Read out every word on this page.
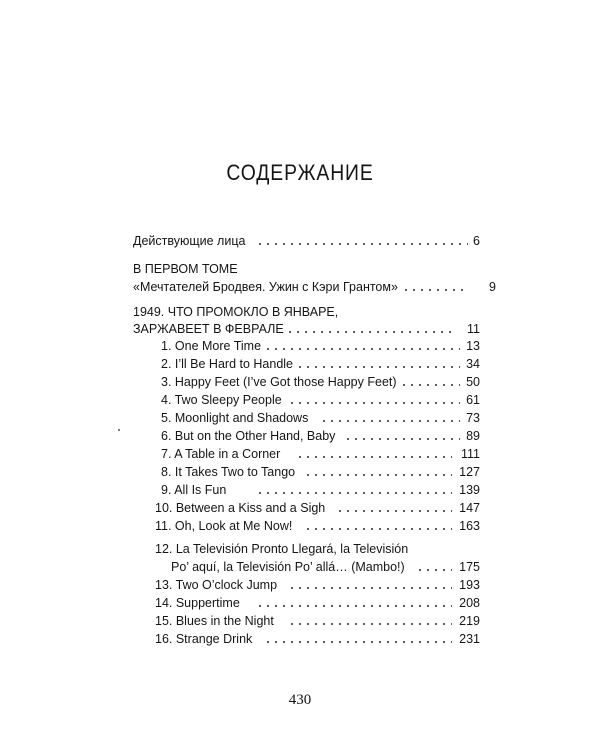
СОДЕРЖАНИЕ
Действующие лица	6
В ПЕРВОМ ТОМЕ
«Мечтателей Бродвея. Ужин с Кэри Грантом»	9
1949. ЧТО ПРОМОКЛО В ЯНВАРЕ,
ЗАРЖАВЕЕТ В ФЕВРАЛЕ	11
1. One More Time	13
2. I’ll Be Hard to Handle	34
3. Happy Feet (I’ve Got those Happy Feet)	50
4. Two Sleepy People	61
5. Moonlight and Shadows	73
6. But on the Other Hand, Baby	89
7. A Table in a Corner	111
8. It Takes Two to Tango	127
9. All Is Fun	139
10. Between a Kiss and a Sigh	147
11. Oh, Look at Me Now!	163
12. La Televisión Pronto Llegará, la Televisión
Po’ aquí, la Televisión Po’ allá… (Mambo!)	175
13. Two O’clock Jump	193
14. Suppertime	208
15. Blues in the Night	219
16. Strange Drink	231
430
